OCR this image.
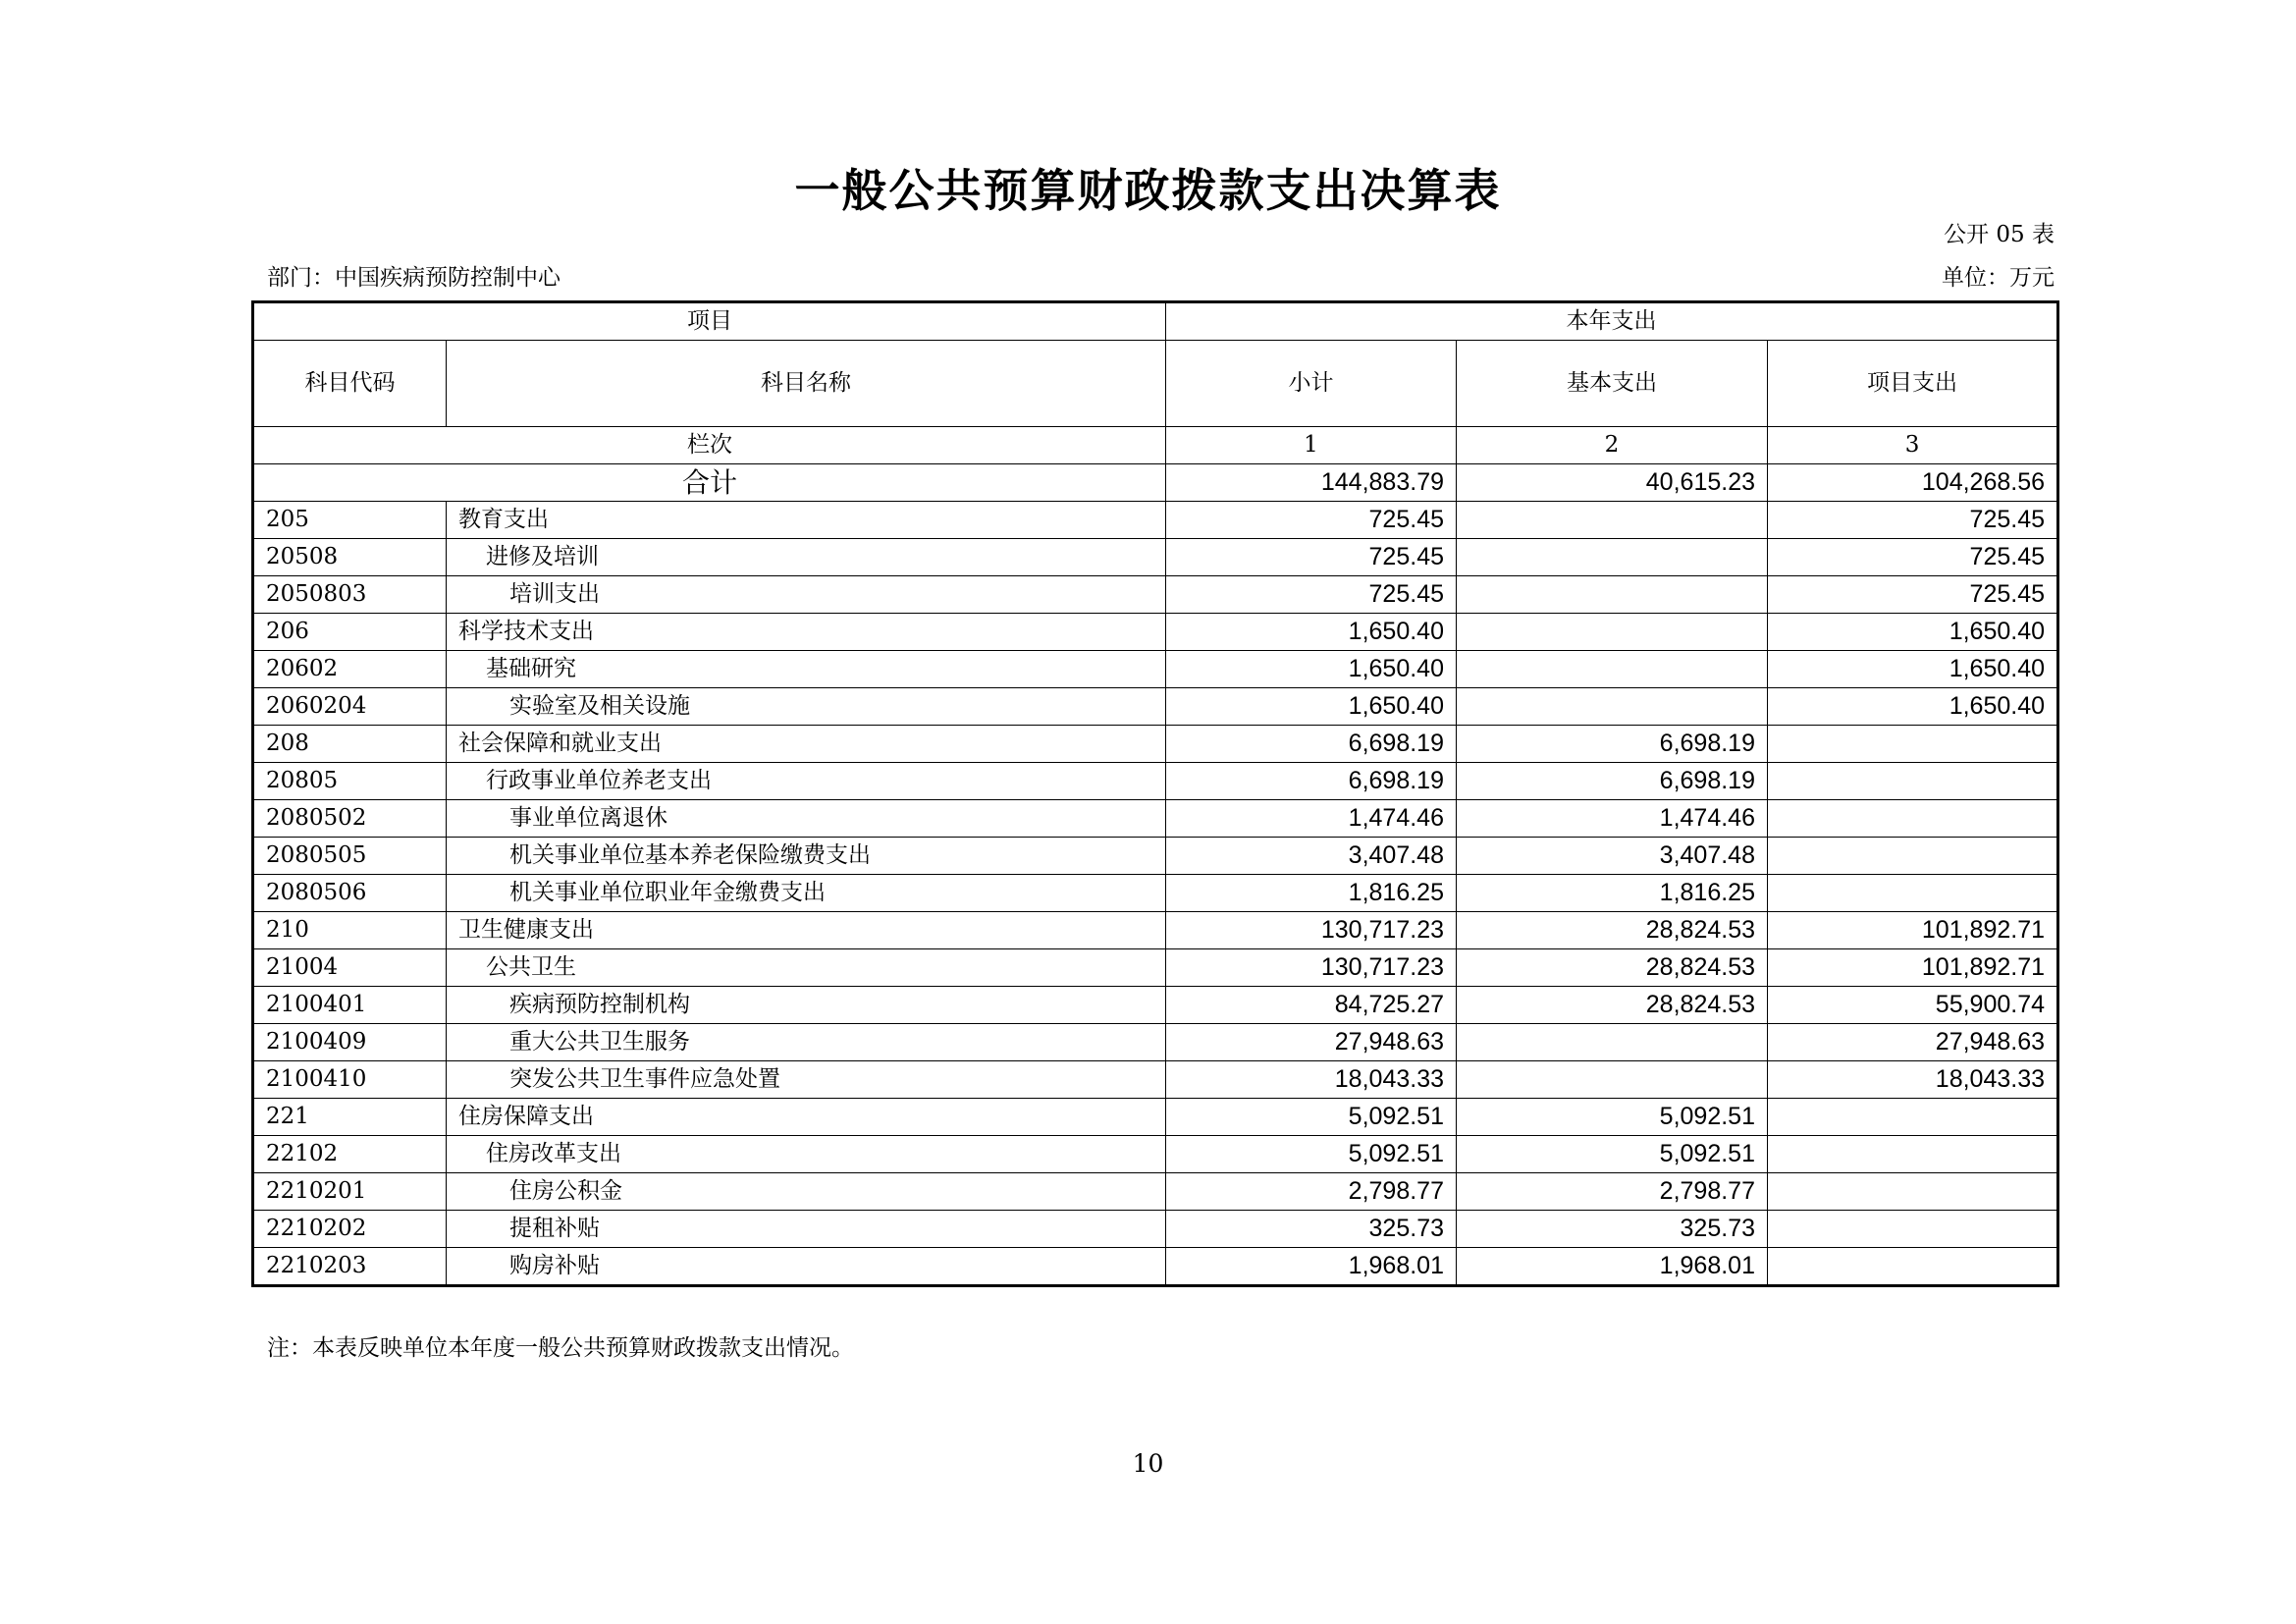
一般公共预算财政拨款支出决算表
公开 05 表
部门：中国疾病预防控制中心	单位：万元
项目		本年支出		
科目代码	科目名称	小计	基本支出	项目支出
栏次		1	2	3
合计		144,883.79	40,615.23	104,268.56
205	教育支出	725.45		725.45
20508	进修及培训	725.45		725.45
2050803	培训支出	725.45		725.45
206	科学技术支出	1,650.40		1,650.40
20602	基础研究	1,650.40		1,650.40
2060204	实验室及相关设施	1,650.40		1,650.40
208	社会保障和就业支出	6,698.19	6,698.19	
20805	行政事业单位养老支出	6,698.19	6,698.19	
2080502	事业单位离退休	1,474.46	1,474.46	
2080505	机关事业单位基本养老保险缴费支出	3,407.48	3,407.48	
2080506	机关事业单位职业年金缴费支出	1,816.25	1,816.25	
210	卫生健康支出	130,717.23	28,824.53	101,892.71
21004	公共卫生	130,717.23	28,824.53	101,892.71
2100401	疾病预防控制机构	84,725.27	28,824.53	55,900.74
2100409	重大公共卫生服务	27,948.63		27,948.63
2100410	突发公共卫生事件应急处置	18,043.33		18,043.33
221	住房保障支出	5,092.51	5,092.51	
22102	住房改革支出	5,092.51	5,092.51	
2210201	住房公积金	2,798.77	2,798.77	
2210202	提租补贴	325.73	325.73	
2210203	购房补贴	1,968.01	1,968.01	
注：本表反映单位本年度一般公共预算财政拨款支出情况。
10
